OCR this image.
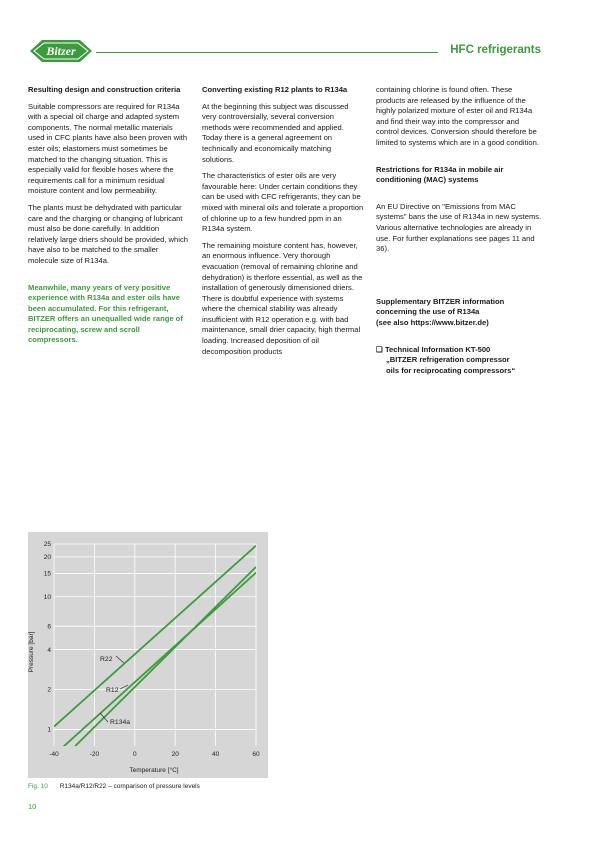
Bitzer	HFC refrigerants
Resulting design and construction criteria

Suitable compressors are required for R134a with a special oil charge and adapted system components. The normal metallic materials used in CFC plants have also been proven with ester oils; elastomers must sometimes be matched to the changing situation. This is especially valid for flexible hoses where the requirements call for a minimum residual moisture content and low permeability.

The plants must be dehydrated with particular care and the charging or changing of lubricant must also be done carefully. In addition relatively large driers should be provided, which have also to be matched to the smaller molecule size of R134a.

Meanwhile, many years of very positive experience with R134a and ester oils have been accumulated. For this refrigerant, BITZER offers an unequalled wide range of reciprocating, screw and scroll compressors.

Converting existing R12 plants to R134a

At the beginning this subject was discussed very controversially, several conversion methods were recommended and applied. Today there is a general agreement on technically and economically matching solutions.

The characteristics of ester oils are very favourable here: Under certain conditions they can be used with CFC refrigerants, they can be mixed with mineral oils and tolerate a proportion of chlorine up to a few hundred ppm in an R134a system.

The remaining moisture content has, however, an enormous influence. Very thorough evacuation (removal of remaining chlorine and dehydration) is therfore essential, as well as the installation of generously dimensioned driers. There is doubtful experience with systems where the chemical stability was already insufficient with R12 operation e.g. with bad maintenance, small drier capacity, high thermal loading. Increased deposition of oil decomposition products

containing chlorine is found often. These products are released by the influence of the highly polarized mixture of ester oil and R134a and find their way into the compressor and control devices. Conversion should therefore be limited to systems which are in a good condition.

Restrictions for R134a in mobile air conditioning (MAC) systems

An EU Directive on "Emissions from MAC systems" bans the use of R134a in new systems. Various alternative technologies are already in use. For further explanations see pages 11 and 36).

Supplementary BITZER information concerning the use of R134a

(see also https://www.bitzer.de)

❑ Technical Information KT-500
„BITZER refrigeration compressor
oils for reciprocating compressors“
-40	-20	0	20	40	60
1
2
4
6
10
15
20
25
R22
R12
R134a
Temperature [°C]
Pressure [bar]
Fig. 10 R134a/R12/R22 – comparison of pressure levels
10
